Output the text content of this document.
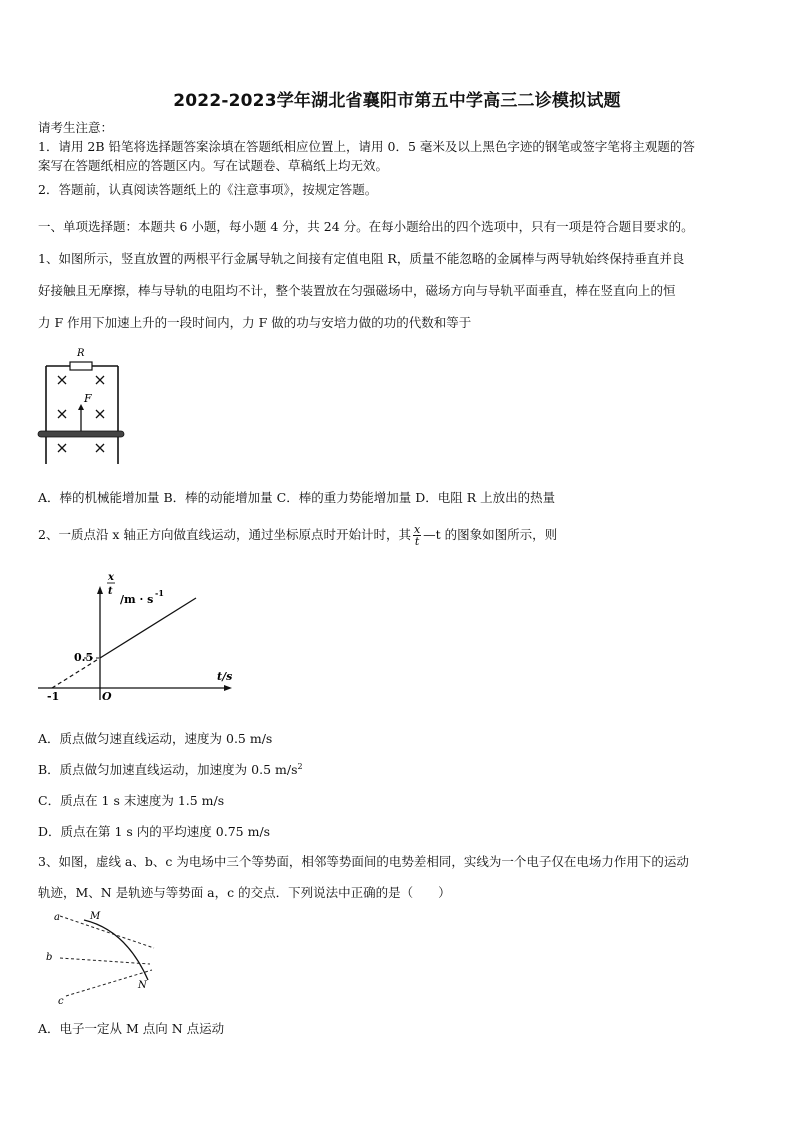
2022-2023学年湖北省襄阳市第五中学高三二诊模拟试题
请考生注意：
1．请用 2B 铅笔将选择题答案涂填在答题纸相应位置上，请用 0．5 毫米及以上黑色字迹的钢笔或签字笔将主观题的答
案写在答题纸相应的答题区内。写在试题卷、草稿纸上均无效。
2．答题前，认真阅读答题纸上的《注意事项》，按规定答题。
一、单项选择题：本题共 6 小题，每小题 4 分，共 24 分。在每小题给出的四个选项中，只有一项是符合题目要求的。
1、如图所示，竖直放置的两根平行金属导轨之间接有定值电阻 R，质量不能忽略的金属棒与两导轨始终保持垂直并良
好接触且无摩擦，棒与导轨的电阻均不计，整个装置放在匀强磁场中，磁场方向与导轨平面垂直，棒在竖直向上的恒
力 F 作用下加速上升的一段时间内，力 F 做的功与安培力做的功的代数和等于
R
F
A．棒的机械能增加量 B．棒的动能增加量 C．棒的重力势能增加量 D．电阻 R 上放出的热量
2、一质点沿 x 轴正方向做直线运动，通过坐标原点时开始计时，其 $\frac{x}{t}$ —t 的图象如图所示，则
x
t
/m · s -1
0.5
-1	O
t/s
A．质点做匀速直线运动，速度为 0.5 m/s
B．质点做匀加速直线运动，加速度为 0.5 $m/s^2$
C．质点在 1 s 末速度为 1.5 m/s
D．质点在第 1 s 内的平均速度 0.75 m/s
3、如图，虚线 a、b、c 为电场中三个等势面，相邻等势面间的电势差相同，实线为一个电子仅在电场力作用下的运动
轨迹，M、N 是轨迹与等势面 a，c 的交点．下列说法中正确的是（　　）
a
b
c
M
N
A．电子一定从 M 点向 N 点运动
